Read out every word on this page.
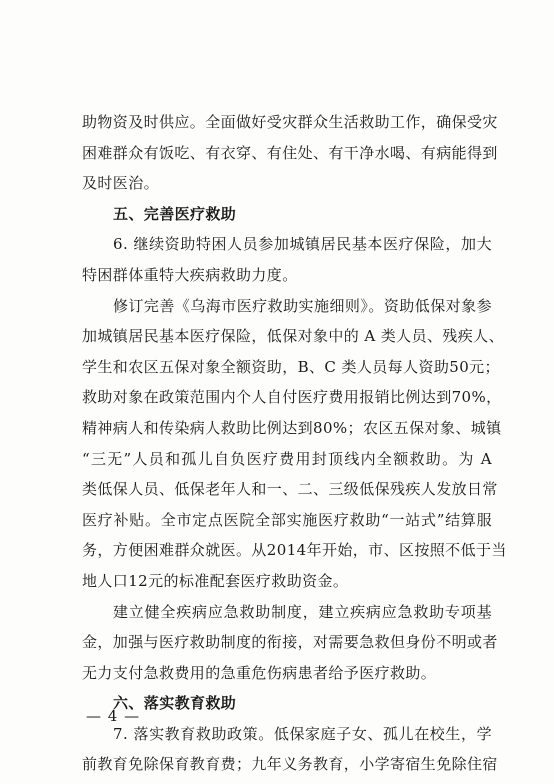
助物资及时供应。全面做好受灾群众生活救助工作，确保受灾
困难群众有饭吃、有衣穿、有住处、有干净水喝、有病能得到
及时医治。
五、完善医疗救助
6. 继续资助特困人员参加城镇居民基本医疗保险，加大
特困群体重特大疾病救助力度。
修订完善《乌海市医疗救助实施细则》。资助低保对象参
加城镇居民基本医疗保险，低保对象中的 A 类人员、残疾人、
学生和农区五保对象全额资助，B、C 类人员每人资助50元；
救助对象在政策范围内个人自付医疗费用报销比例达到70%，
精神病人和传染病人救助比例达到80%；农区五保对象、城镇
“三无”人员和孤儿自负医疗费用封顶线内全额救助。为 A
类低保人员、低保老年人和一、二、三级低保残疾人发放日常
医疗补贴。全市定点医院全部实施医疗救助“一站式”结算服
务，方便困难群众就医。从2014年开始，市、区按照不低于当
地人口12元的标准配套医疗救助资金。
建立健全疾病应急救助制度，建立疾病应急救助专项基
金，加强与医疗救助制度的衔接，对需要急救但身份不明或者
无力支付急救费用的急重危伤病患者给予医疗救助。
六、落实教育救助
7. 落实教育救助政策。低保家庭子女、孤儿在校生，学
前教育免除保育教育费；九年义务教育，小学寄宿生免除住宿
— 4 —
